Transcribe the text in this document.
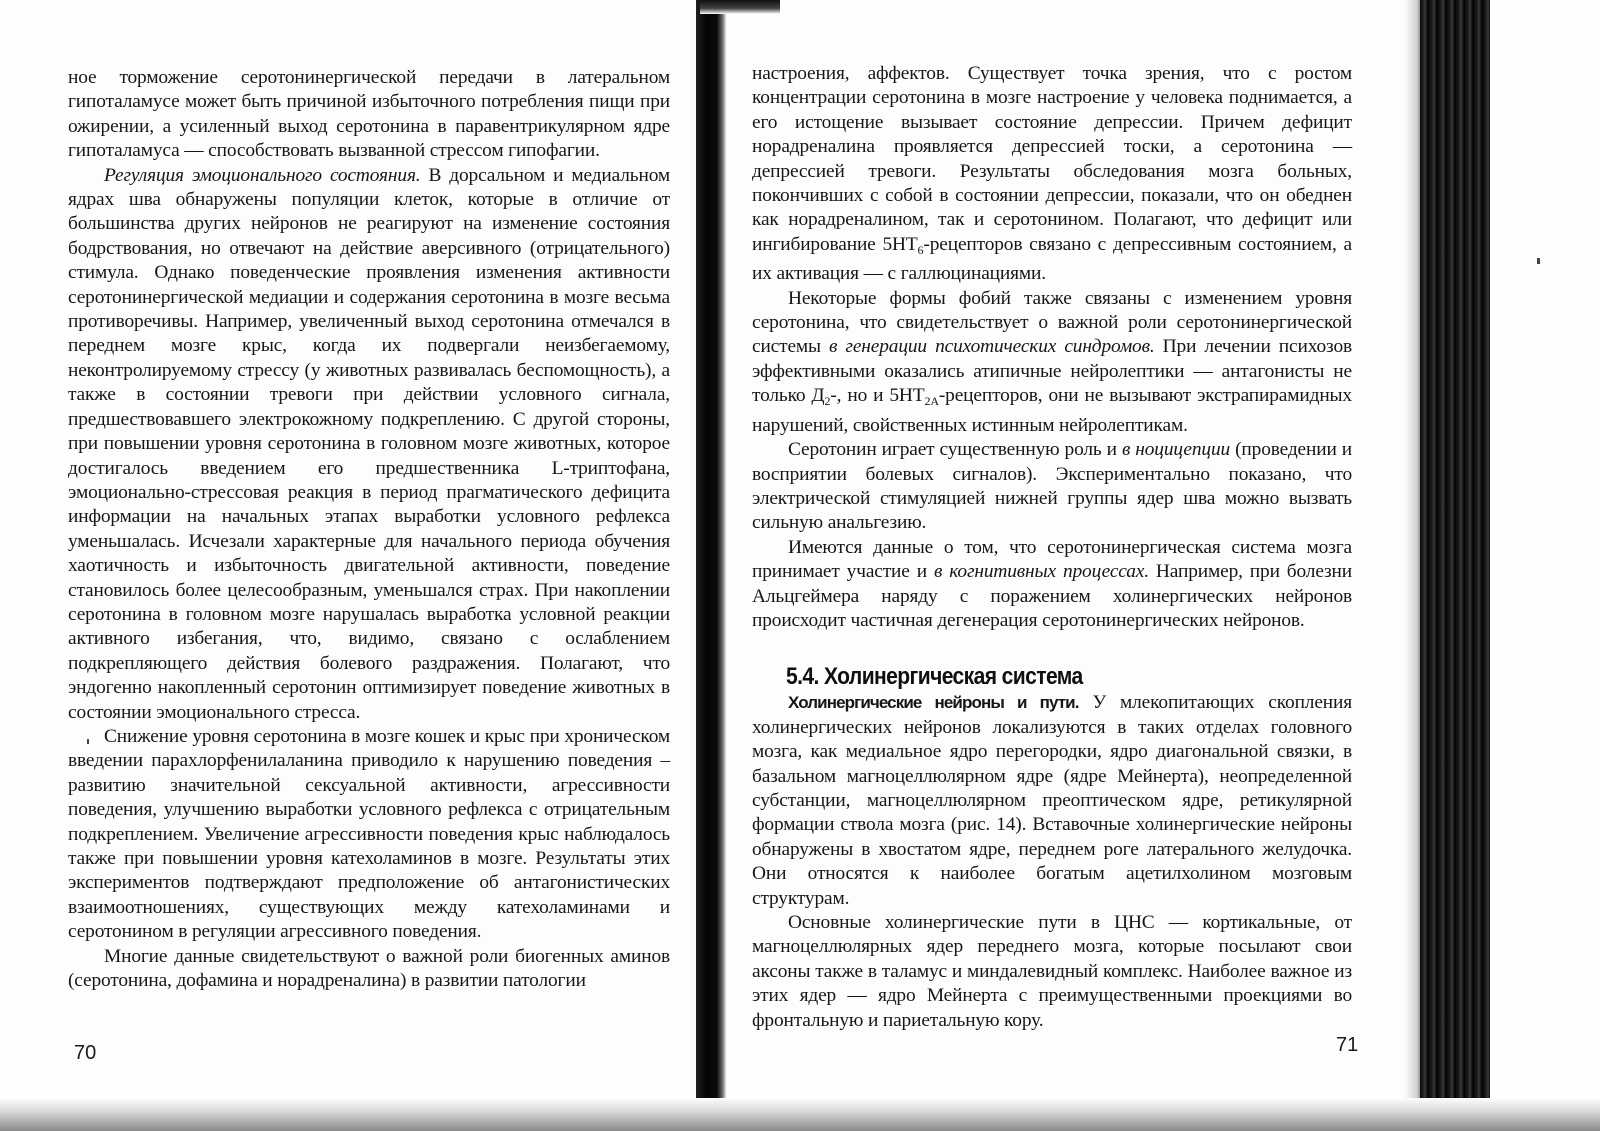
ное торможение серотонинергической передачи в латеральном гипоталамусе может быть причиной избыточного потребления пищи при ожирении, а усиленный выход серотонина в паравентрикулярном ядре гипоталамуса — способствовать вызванной стрессом гипофагии.

Регуляция эмоционального состояния. В дорсальном и медиальном ядрах шва обнаружены популяции клеток, которые в отличие от большинства других нейронов не реагируют на изменение состояния бодрствования, но отвечают на действие аверсивного (отрицательного) стимула. Однако поведенческие проявления изменения активности серотонинергической медиации и содержания серотонина в мозге весьма противоречивы. Например, увеличенный выход серотонина отмечался в переднем мозге крыс, когда их подвергали неизбегаемому, неконтролируемому стрессу (у животных развивалась беспомощность), а также в состоянии тревоги при действии условного сигнала, предшествовавшего электрокожному подкреплению. С другой стороны, при повышении уровня серотонина в головном мозге животных, которое достигалось введением его предшественника L-триптофана, эмоционально-стрессовая реакция в период прагматического дефицита информации на начальных этапах выработки условного рефлекса уменьшалась. Исчезали характерные для начального периода обучения хаотичность и избыточность двигательной активности, поведение становилось более целесообразным, уменьшался страх. При накоплении серотонина в головном мозге нарушалась выработка условной реакции активного избегания, что, видимо, связано с ослаблением подкрепляющего действия болевого раздражения. Полагают, что эндогенно накопленный серотонин оптимизирует поведение животных в состоянии эмоционального стресса.

Снижение уровня серотонина в мозге кошек и крыс при хроническом введении парахлорфенилаланина приводило к нарушению поведения – развитию значительной сексуальной активности, агрессивности поведения, улучшению выработки условного рефлекса с отрицательным подкреплением. Увеличение агрессивности поведения крыс наблюдалось также при повышении уровня катехоламинов в мозге. Результаты этих экспериментов подтверждают предположение об антагонистических взаимоотношениях, существующих между катехоламинами и серотонином в регуляции агрессивного поведения.

Многие данные свидетельствуют о важной роли биогенных аминов (серотонина, дофамина и норадреналина) в развитии патологии

70

настроения, аффектов. Существует точка зрения, что с ростом концентрации серотонина в мозге настроение у человека поднимается, а его истощение вызывает состояние депрессии. Причем дефицит норадреналина проявляется депрессией тоски, а серотонина — депрессией тревоги. Результаты обследования мозга больных, покончивших с собой в состоянии депрессии, показали, что он обеднен как норадреналином, так и серотонином. Полагают, что дефицит или ингибирование $5HT_6$-рецепторов связано с депрессивным состоянием, а их активация — с галлюцинациями.

Некоторые формы фобий также связаны с изменением уровня серотонина, что свидетельствует о важной роли серотонинергической системы в генерации психотических синдромов. При лечении психозов эффективными оказались атипичные нейролептики — антагонисты не только $Д_2-$, но и $5HT_{2A}$-рецепторов, они не вызывают экстрапирамидных нарушений, свойственных истинным нейролептикам.

Серотонин играет существенную роль и в ноцицепции (проведении и восприятии болевых сигналов). Экспериментально показано, что электрической стимуляцией нижней группы ядер шва можно вызвать сильную анальгезию.

Имеются данные о том, что серотонинергическая система мозга принимает участие и в когнитивных процессах. Например, при болезни Альцгеймера наряду с поражением холинергических нейронов происходит частичная дегенерация серотонинергических нейронов.

5.4. Холинергическая система

Холинергические нейроны и пути. У млекопитающих скопления холинергических нейронов локализуются в таких отделах головного мозга, как медиальное ядро перегородки, ядро диагональной связки, в базальном магноцеллюлярном ядре (ядре Мейнерта), неопределенной субстанции, магноцеллюлярном преоптическом ядре, ретикулярной формации ствола мозга (рис. 14). Вставочные холинергические нейроны обнаружены в хвостатом ядре, переднем роге латерального желудочка. Они относятся к наиболее богатым ацетилхолином мозговым структурам.

Основные холинергические пути в ЦНС — кортикальные, от магноцеллюлярных ядер переднего мозга, которые посылают свои аксоны также в таламус и миндалевидный комплекс. Наиболее важное из этих ядер — ядро Мейнерта с преимущественными проекциями во фронтальную и париетальную кору.

71
